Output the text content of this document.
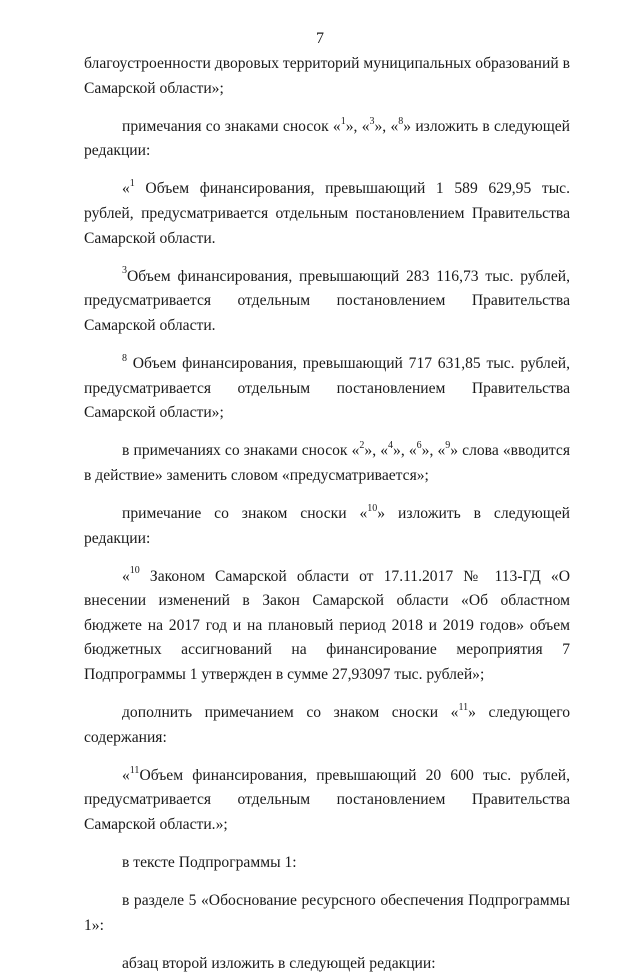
7

благоустроенности дворовых территорий муниципальных образований в Самарской области»;

примечания со знаками сносок «$^1$», «$^3$», «$^8$» изложить в следующей редакции:

«$^1$ Объем финансирования, превышающий 1 589 629,95 тыс. рублей, предусматривается отдельным постановлением Правительства Самарской области.

$^3$Объем финансирования, превышающий 283 116,73 тыс. рублей, предусматривается отдельным постановлением Правительства Самарской области.

$^8$ Объем финансирования, превышающий 717 631,85 тыс. рублей, предусматривается отдельным постановлением Правительства Самарской области»;

в примечаниях со знаками сносок «$^2$», «$^4$», «$^6$», «$^9$» слова «вводится в действие» заменить словом «предусматривается»;

примечание со знаком сноски «$^{10}$» изложить в следующей редакции:

«$^{10}$ Законом Самарской области от 17.11.2017 № 113-ГД «О внесении изменений в Закон Самарской области «Об областном бюджете на 2017 год и на плановый период 2018 и 2019 годов» объем бюджетных ассигнований на финансирование мероприятия 7 Подпрограммы 1 утвержден в сумме 27,93097 тыс. рублей»;

дополнить примечанием со знаком сноски «$^{11}$» следующего содержания:

«$^{11}$Объем финансирования, превышающий 20 600 тыс. рублей, предусматривается отдельным постановлением Правительства Самарской области.»;

в тексте Подпрограммы 1:

в разделе 5 «Обоснование ресурсного обеспечения Подпрограммы 1»:

абзац второй изложить в следующей редакции:
